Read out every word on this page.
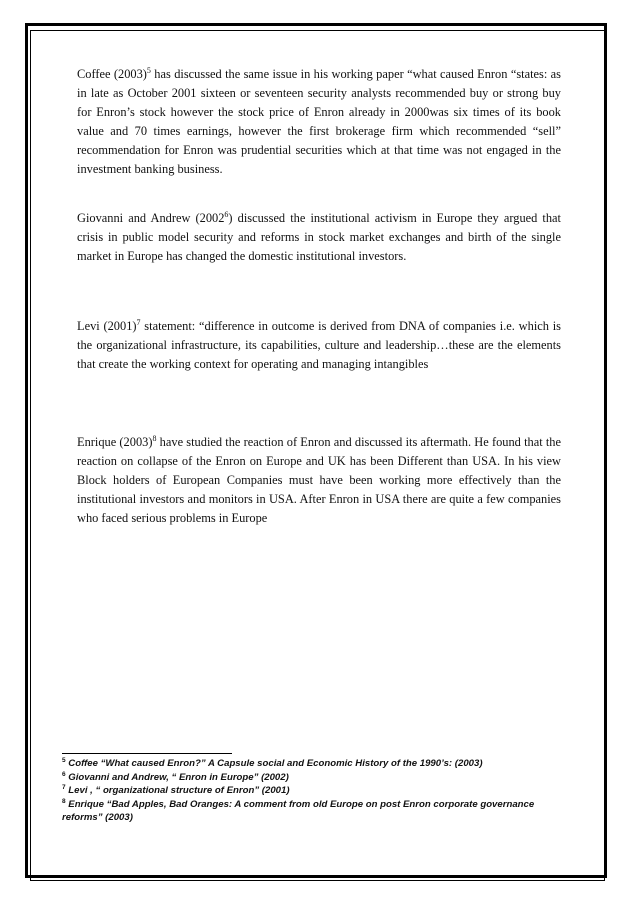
Coffee $(2003)^5$ has discussed the same issue in his working paper “what caused Enron “states: as in late as October 2001 sixteen or seventeen security analysts recommended buy or strong buy for Enron’s stock however the stock price of Enron already in 2000was six times of its book value and 70 times earnings, however the first brokerage firm which recommended “sell” recommendation for Enron was prudential securities which at that time was not engaged in the investment banking business.

Giovanni and Andrew (2002$^6$) discussed the institutional activism in Europe they argued that crisis in public model security and reforms in stock market exchanges and birth of the single market in Europe has changed the domestic institutional investors.

Levi $(2001)^7$ statement: “difference in outcome is derived from DNA of companies i.e. which is the organizational infrastructure, its capabilities, culture and leadership…these are the elements that create the working context for operating and managing intangibles

Enrique $(2003)^8$ have studied the reaction of Enron and discussed its aftermath. He found that the reaction on collapse of the Enron on Europe and UK has been Different than USA. In his view Block holders of European Companies must have been working more effectively than the institutional investors and monitors in USA. After Enron in USA there are quite a few companies who faced serious problems in Europe

$^5$ Coffee “What caused Enron?” A Capsule social and Economic History of the 1990’s: (2003)

$^6$ Giovanni and Andrew, “ Enron in Europe” (2002)

$^7$ Levi , “ organizational structure of Enron” (2001)

$^8$ Enrique “Bad Apples, Bad Oranges: A comment from old Europe on post Enron corporate governance reforms” (2003)
